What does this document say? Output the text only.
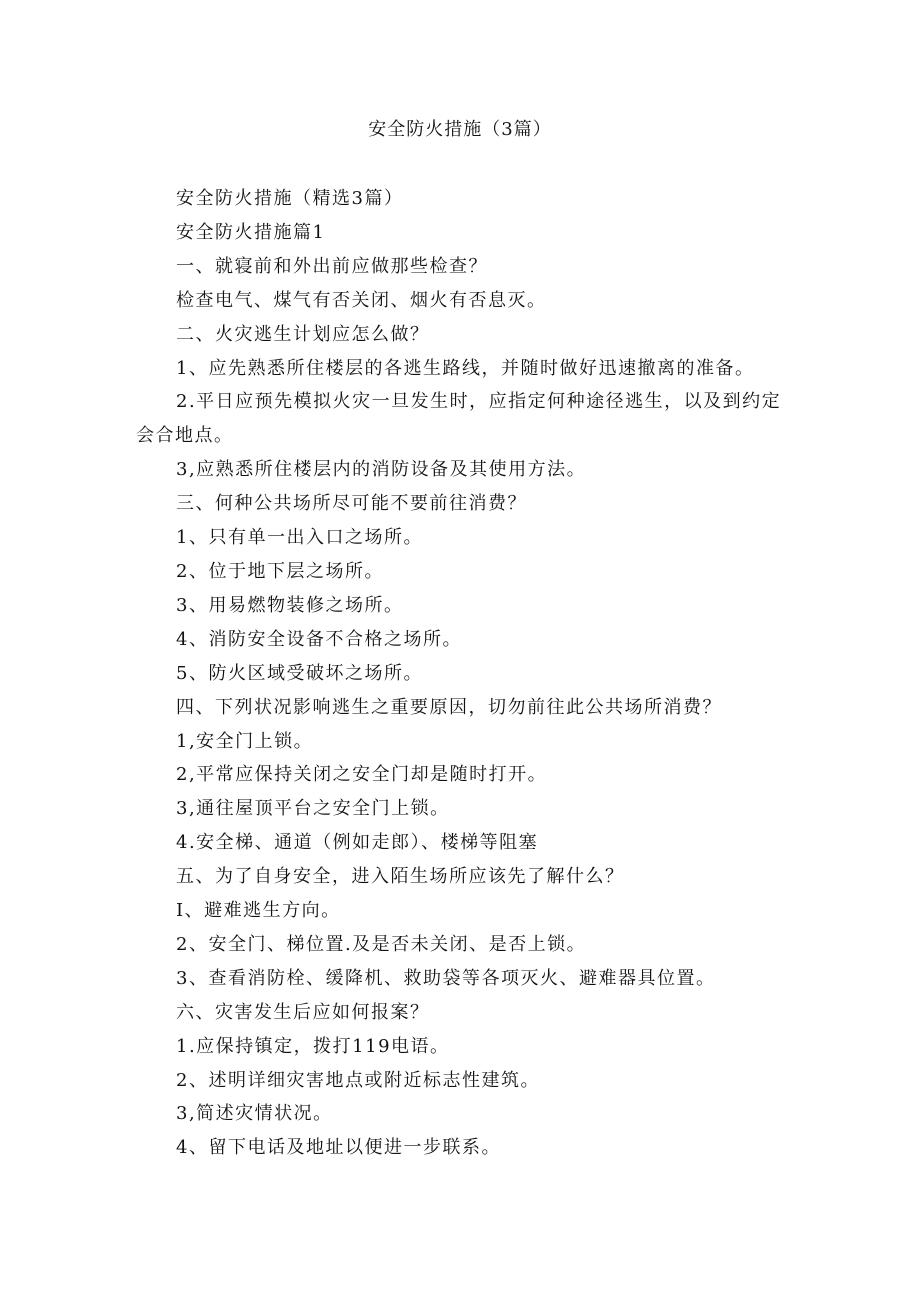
安全防火措施（3篇）

安全防火措施（精选3篇）

安全防火措施篇1

一、就寝前和外出前应做那些检查？

检查电气、煤气有否关闭、烟火有否息灭。

二、火灾逃生计划应怎么做？

1、应先熟悉所住楼层的各逃生路线，并随时做好迅速撤离的准备。

2.平日应预先模拟火灾一旦发生时，应指定何种途径逃生，以及到约定会合地点。

3,应熟悉所住楼层内的消防设备及其使用方法。

三、何种公共场所尽可能不要前往消费？

1、只有单一出入口之场所。

2、位于地下层之场所。

3、用易燃物装修之场所。

4、消防安全设备不合格之场所。

5、防火区域受破坏之场所。

四、下列状况影响逃生之重要原因，切勿前往此公共场所消费？

1,安全门上锁。

2,平常应保持关闭之安全门却是随时打开。

3,通往屋顶平台之安全门上锁。

4.安全梯、通道（例如走郎）、楼梯等阻塞

五、为了自身安全，进入陌生场所应该先了解什么？

I、避难逃生方向。

2、安全门、梯位置.及是否未关闭、是否上锁。

3、查看消防栓、缓降机、救助袋等各项灭火、避难器具位置。

六、灾害发生后应如何报案？

1.应保持镇定，拨打119电语。

2、述明详细灾害地点或附近标志性建筑。

3,简述灾情状况。

4、留下电话及地址以便进一步联系。
